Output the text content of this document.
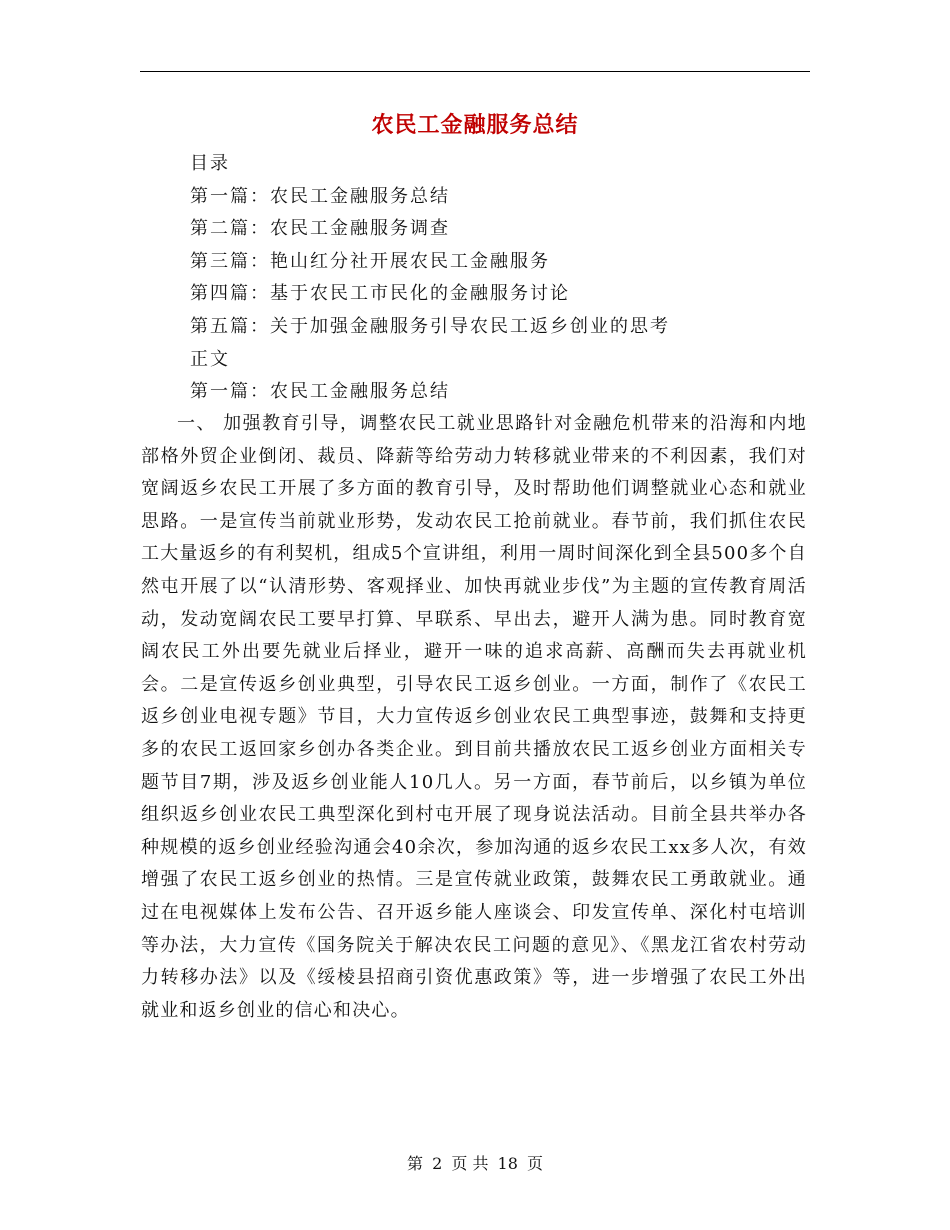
农民工金融服务总结
目录
第一篇：农民工金融服务总结
第二篇：农民工金融服务调查
第三篇：艳山红分社开展农民工金融服务
第四篇：基于农民工市民化的金融服务讨论
第五篇：关于加强金融服务引导农民工返乡创业的思考
正文
第一篇：农民工金融服务总结

一、 加强教育引导，调整农民工就业思路针对金融危机带来的沿海和内地部格外贸企业倒闭、裁员、降薪等给劳动力转移就业带来的不利因素，我们对宽阔返乡农民工开展了多方面的教育引导，及时帮助他们调整就业心态和就业思路。一是宣传当前就业形势，发动农民工抢前就业。春节前，我们抓住农民工大量返乡的有利契机，组成5个宣讲组，利用一周时间深化到全县500多个自然屯开展了以“认清形势、客观择业、加快再就业步伐”为主题的宣传教育周活动，发动宽阔农民工要早打算、早联系、早出去，避开人满为患。同时教育宽阔农民工外出要先就业后择业，避开一味的追求高薪、高酬而失去再就业机会。二是宣传返乡创业典型，引导农民工返乡创业。一方面，制作了《农民工返乡创业电视专题》节目，大力宣传返乡创业农民工典型事迹，鼓舞和支持更多的农民工返回家乡创办各类企业。到目前共播放农民工返乡创业方面相关专题节目7期，涉及返乡创业能人10几人。另一方面，春节前后，以乡镇为单位组织返乡创业农民工典型深化到村屯开展了现身说法活动。目前全县共举办各种规模的返乡创业经验沟通会40余次，参加沟通的返乡农民工xx多人次，有效增强了农民工返乡创业的热情。三是宣传就业政策，鼓舞农民工勇敢就业。通过在电视媒体上发布公告、召开返乡能人座谈会、印发宣传单、深化村屯培训等办法，大力宣传《国务院关于解决农民工问题的意见》、《黑龙江省农村劳动力转移办法》以及《绥棱县招商引资优惠政策》等，进一步增强了农民工外出就业和返乡创业的信心和决心。

第 2 页 共 18 页
